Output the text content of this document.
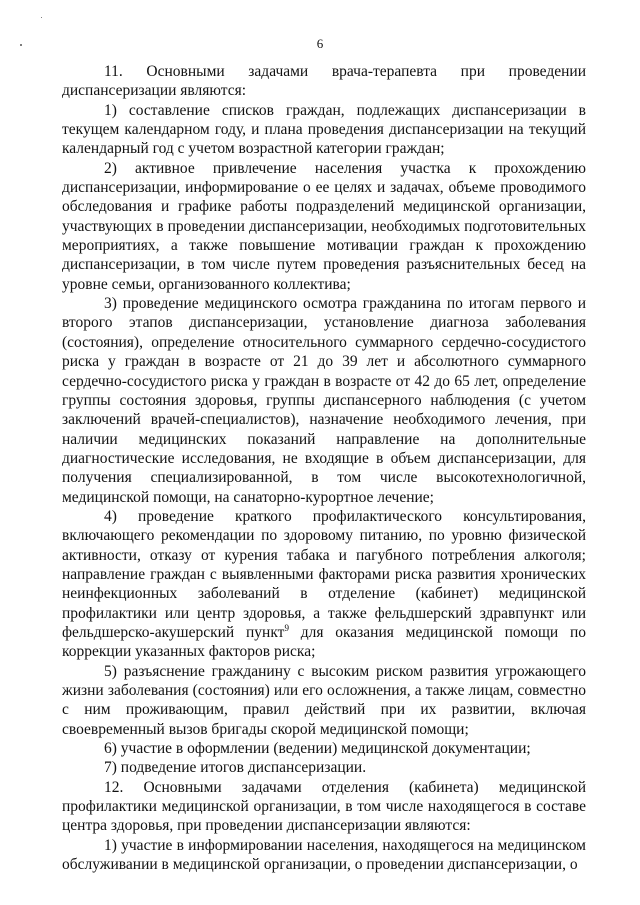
6

11. Основными задачами врача-терапевта при проведении диспансеризации являются:

1) составление списков граждан, подлежащих диспансеризации в текущем календарном году, и плана проведения диспансеризации на текущий календарный год с учетом возрастной категории граждан;

2) активное привлечение населения участка к прохождению диспансеризации, информирование о ее целях и задачах, объеме проводимого обследования и графике работы подразделений медицинской организации, участвующих в проведении диспансеризации, необходимых подготовительных мероприятиях, а также повышение мотивации граждан к прохождению диспансеризации, в том числе путем проведения разъяснительных бесед на уровне семьи, организованного коллектива;

3) проведение медицинского осмотра гражданина по итогам первого и второго этапов диспансеризации, установление диагноза заболевания (состояния), определение относительного суммарного сердечно-сосудистого риска у граждан в возрасте от 21 до 39 лет и абсолютного суммарного сердечно-сосудистого риска у граждан в возрасте от 42 до 65 лет, определение группы состояния здоровья, группы диспансерного наблюдения (с учетом заключений врачей-специалистов), назначение необходимого лечения, при наличии медицинских показаний направление на дополнительные диагностические исследования, не входящие в объем диспансеризации, для получения специализированной, в том числе высокотехнологичной, медицинской помощи, на санаторно-курортное лечение;

4) проведение краткого профилактического консультирования, включающего рекомендации по здоровому питанию, по уровню физической активности, отказу от курения табака и пагубного потребления алкоголя; направление граждан с выявленными факторами риска развития хронических неинфекционных заболеваний в отделение (кабинет) медицинской профилактики или центр здоровья, а также фельдшерский здравпункт или фельдшерско-акушерский пункт$^9$ для оказания медицинской помощи по коррекции указанных факторов риска;

5) разъяснение гражданину с высоким риском развития угрожающего жизни заболевания (состояния) или его осложнения, а также лицам, совместно с ним проживающим, правил действий при их развитии, включая своевременный вызов бригады скорой медицинской помощи;

6) участие в оформлении (ведении) медицинской документации;

7) подведение итогов диспансеризации.

12. Основными задачами отделения (кабинета) медицинской профилактики медицинской организации, в том числе находящегося в составе центра здоровья, при проведении диспансеризации являются:

1) участие в информировании населения, находящегося на медицинском обслуживании в медицинской организации, о проведении диспансеризации, о
